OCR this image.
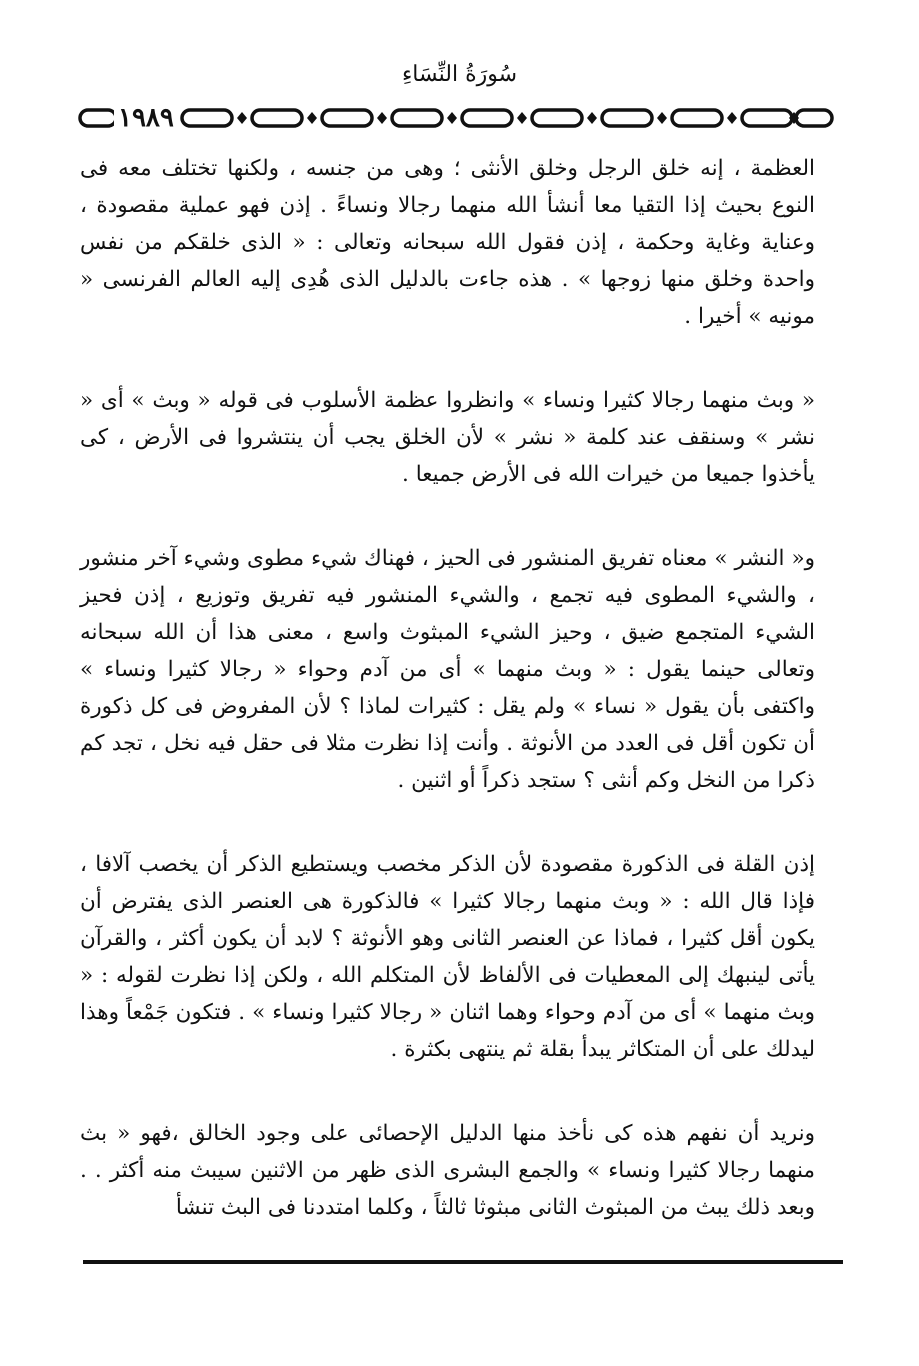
سُورَةُ النِّسَاءِ
١٩٨٩

العظمة ، إنه خلق الرجل وخلق الأنثى ؛ وهى من جنسه ، ولكنها تختلف معه فى النوع بحيث إذا التقيا معا أنشأ الله منهما رجالا ونساءً . إذن فهو عملية مقصودة ، وعناية وغاية وحكمة ، إذن فقول الله سبحانه وتعالى : « الذى خلقكم من نفس واحدة وخلق منها زوجها » . هذه جاءت بالدليل الذى هُدِى إليه العالم الفرنسى « مونيه » أخيرا .

« وبث منهما رجالا كثيرا ونساء » وانظروا عظمة الأسلوب فى قوله « وبث » أى « نشر » وسنقف عند كلمة « نشر » لأن الخلق يجب أن ينتشروا فى الأرض ، كى يأخذوا جميعا من خيرات الله فى الأرض جميعا .

و« النشر » معناه تفريق المنشور فى الحيز ، فهناك شيء مطوى وشيء آخر منشور ، والشيء المطوى فيه تجمع ، والشيء المنشور فيه تفريق وتوزيع ، إذن فحيز الشيء المتجمع ضيق ، وحيز الشيء المبثوث واسع ، معنى هذا أن الله سبحانه وتعالى حينما يقول : « وبث منهما » أى من آدم وحواء « رجالا كثيرا ونساء » واكتفى بأن يقول « نساء » ولم يقل : كثيرات لماذا ؟ لأن المفروض فى كل ذكورة أن تكون أقل فى العدد من الأنوثة . وأنت إذا نظرت مثلا فى حقل فيه نخل ، تجد كم ذكرا من النخل وكم أنثى ؟ ستجد ذكراً أو اثنين .

إذن القلة فى الذكورة مقصودة لأن الذكر مخصب ويستطيع الذكر أن يخصب آلافا ، فإذا قال الله : « وبث منهما رجالا كثيرا » فالذكورة هى العنصر الذى يفترض أن يكون أقل كثيرا ، فماذا عن العنصر الثانى وهو الأنوثة ؟ لابد أن يكون أكثر ، والقرآن يأتى لينبهك إلى المعطيات فى الألفاظ لأن المتكلم الله ، ولكن إذا نظرت لقوله : « وبث منهما » أى من آدم وحواء وهما اثنان « رجالا كثيرا ونساء » . فتكون جَمْعاً وهذا ليدلك على أن المتكاثر يبدأ بقلة ثم ينتهى بكثرة .

ونريد أن نفهم هذه كى نأخذ منها الدليل الإحصائى على وجود الخالق ،فهو « بث منهما رجالا كثيرا ونساء » والجمع البشرى الذى ظهر من الاثنين سيبث منه أكثر . . وبعد ذلك يبث من المبثوث الثانى مبثوثا ثالثاً ، وكلما امتددنا فى البث تنشأ
